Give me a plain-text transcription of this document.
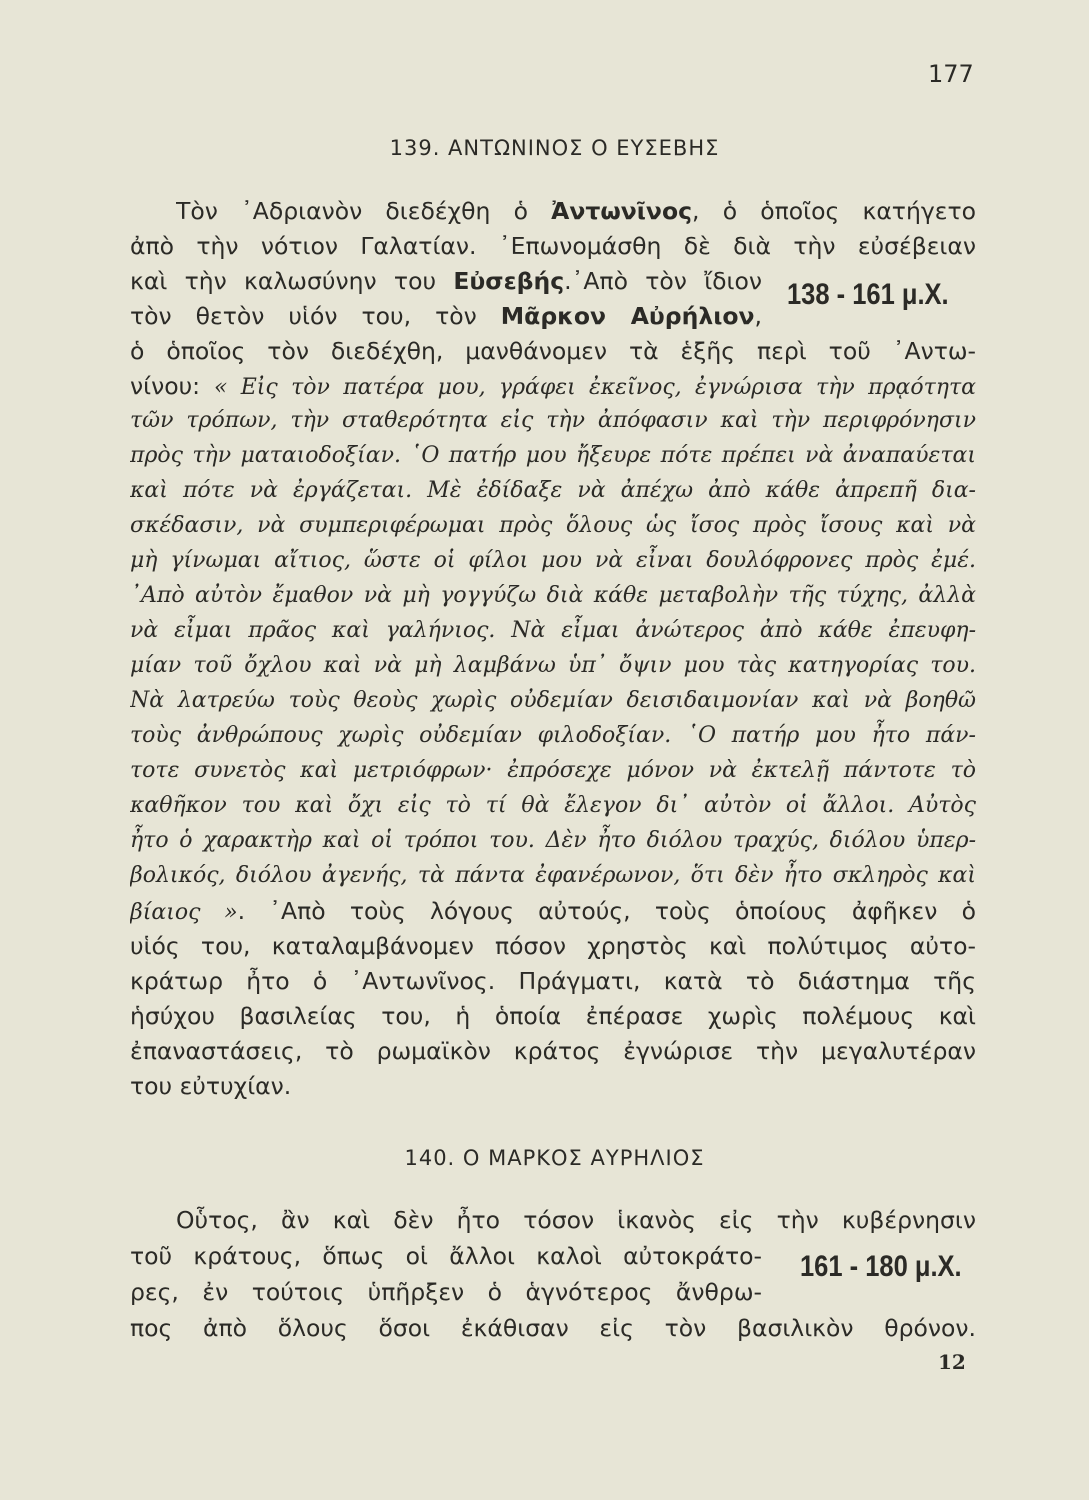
177
139. ΑΝΤΩΝΙΝΟΣ Ο ΕΥΣΕΒΗΣ
Τὸν ᾿Αδριανὸν διεδέχθη ὁ Ἀντωνῖνος, ὁ ὁποῖος κατήγετο
ἀπὸ τὴν νότιον Γαλατίαν. ᾿Επωνομάσθη δὲ διὰ τὴν εὐσέβειαν
καὶ τὴν καλωσύνην του Εὐσεβής.᾿Απὸ τὸν ἴδιον
τὸν θετὸν υἱόν του, τὸν Μᾶρκον Αὐρήλιον,
138 - 161 μ.Χ.
ὁ ὁποῖος τὸν διεδέχθη, μανθάνομεν τὰ ἑξῆς περὶ τοῦ ᾿Αντω-
νίνου: « Εἰς τὸν πατέρα μου, γράφει ἐκεῖνος, ἐγνώρισα τὴν πρᾳότητα
τῶν τρόπων, τὴν σταθερότητα εἰς τὴν ἀπόφασιν καὶ τὴν περιφρόνησιν
πρὸς τὴν ματαιοδοξίαν. ῾Ο πατήρ μου ἤξευρε πότε πρέπει νὰ ἀναπαύεται
καὶ πότε νὰ ἐργάζεται. Μὲ ἐδίδαξε νὰ ἀπέχω ἀπὸ κάθε ἀπρεπῆ δια-
σκέδασιν, νὰ συμπεριφέρωμαι πρὸς ὅλους ὡς ἴσος πρὸς ἴσους καὶ νὰ
μὴ γίνωμαι αἴτιος, ὥστε οἱ φίλοι μου νὰ εἶναι δουλόφρονες πρὸς ἐμέ.
᾿Απὸ αὐτὸν ἔμαθον νὰ μὴ γογγύζω διὰ κάθε μεταβολὴν τῆς τύχης, ἀλλὰ
νὰ εἶμαι πρᾶος καὶ γαλήνιος. Νὰ εἶμαι ἀνώτερος ἀπὸ κάθε ἐπευφη-
μίαν τοῦ ὄχλου καὶ νὰ μὴ λαμβάνω ὑπ᾿ ὄψιν μου τὰς κατηγορίας του.
Νὰ λατρεύω τοὺς θεοὺς χωρὶς οὐδεμίαν δεισιδαιμονίαν καὶ νὰ βοηθῶ
τοὺς ἀνθρώπους χωρὶς οὐδεμίαν φιλοδοξίαν. ῾Ο πατήρ μου ἦτο πάν-
τοτε συνετὸς καὶ μετριόφρων· ἐπρόσεχε μόνον νὰ ἐκτελῇ πάντοτε τὸ
καθῆκον του καὶ ὄχι εἰς τὸ τί θὰ ἔλεγον δι᾿ αὐτὸν οἱ ἄλλοι. Αὐτὸς
ἦτο ὁ χαρακτὴρ καὶ οἱ τρόποι του. Δὲν ἦτο διόλου τραχύς, διόλου ὑπερ-
βολικός, διόλου ἀγενής, τὰ πάντα ἐφανέρωνον, ὅτι δὲν ἦτο σκληρὸς καὶ
βίαιος ». ᾿Απὸ τοὺς λόγους αὐτούς, τοὺς ὁποίους ἀφῆκεν ὁ
υἱός του, καταλαμβάνομεν πόσον χρηστὸς καὶ πολύτιμος αὐτο-
κράτωρ ἦτο ὁ ᾿Αντωνῖνος. Πράγματι, κατὰ τὸ διάστημα τῆς
ἡσύχου βασιλείας του, ἡ ὁποία ἐπέρασε χωρὶς πολέμους καὶ
ἐπαναστάσεις, τὸ ρωμαϊκὸν κράτος ἐγνώρισε τὴν μεγαλυτέραν
του εὐτυχίαν.
140. Ο ΜΑΡΚΟΣ ΑΥΡΗΛΙΟΣ
Οὗτος, ἂν καὶ δὲν ἦτο τόσον ἱκανὸς εἰς τὴν κυβέρνησιν
τοῦ κράτους, ὅπως οἱ ἄλλοι καλοὶ αὐτοκράτο-
ρες, ἐν τούτοις ὑπῆρξεν ὁ ἁγνότερος ἄνθρω-
161 - 180 μ.Χ.
πος ἀπὸ ὅλους ὅσοι ἐκάθισαν εἰς τὸν βασιλικὸν θρόνον.
12
